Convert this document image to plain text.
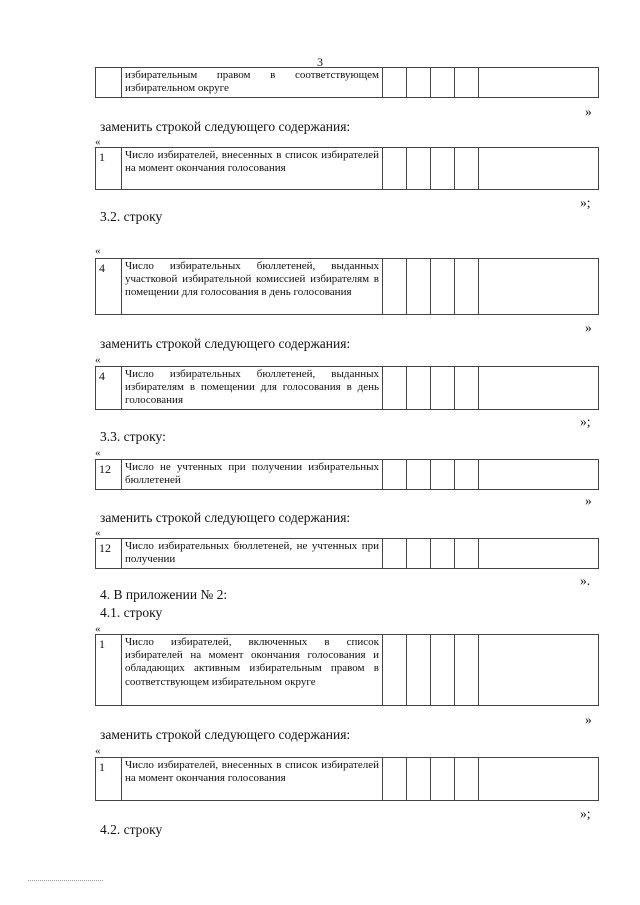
3
	избирательным правом в соответствующем избирательном округе					
»
заменить строкой следующего содержания:
«
1	Число избирателей, внесенных в список избирателей на момент окончания голосования					
»;
3.2. строку
«
4	Число избирательных бюллетеней, выданных участковой избирательной комиссией избирателям в помещении для голосования в день голосования					
»
заменить строкой следующего содержания:
«
4	Число избирательных бюллетеней, выданных избирателям в помещении для голосования в день голосования					
»;
3.3. строку:
«
12	Число не учтенных при получении избирательных бюллетеней					
»
заменить строкой следующего содержания:
«
12	Число избирательных бюллетеней, не учтенных при получении					
».
4. В приложении № 2:
4.1. строку
«
1	Число избирателей, включенных в список избирателей на момент окончания голосования и обладающих активным избирательным правом в соответствующем избирательном округе					
»
заменить строкой следующего содержания:
«
1	Число избирателей, внесенных в список избирателей на момент окончания голосования					
»;
4.2. строку
